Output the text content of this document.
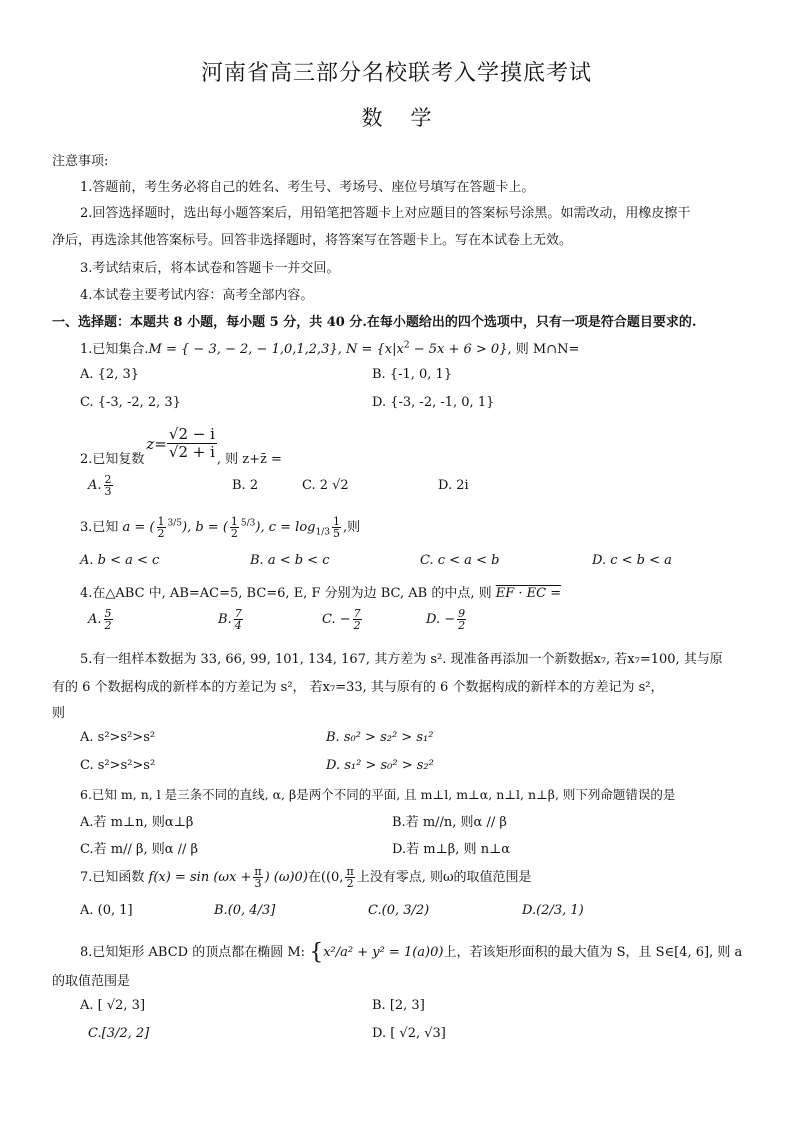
河南省高三部分名校联考入学摸底考试
数学
注意事项:
1.答题前，考生务必将自己的姓名、考生号、考场号、座位号填写在答题卡上。
2.回答选择题时，选出每小题答案后，用铅笔把答题卡上对应题目的答案标号涂黑。如需改动，用橡皮擦干
净后，再选涂其他答案标号。回答非选择题时，将答案写在答题卡上。写在本试卷上无效。
3.考试结束后，将本试卷和答题卡一并交回。
4.本试卷主要考试内容：高考全部内容。
一、选择题：本题共 8 小题，每小题 5 分，共 40 分.在每小题给出的四个选项中，只有一项是符合题目要求的.
1.已知集合.M = { − 3, − 2, − 1,0,1,2,3}, $N = \{x|x^2 - 5x + 6 > 0\}$, 则 M∩N=
A. {2, 3}	B. {-1, 0, 1}
C. {-3, -2, 2, 3}	D. {-3, -2, -1, 0, 1}
2.已知复数
$z= \frac{√2 - i}{√2 + i}$ , 则 z+z̄ =
A. $\frac{2}{3}$	B. 2	C. 2 √2	D. 2i
3.已知 a = ( $\frac{1}{2} ^{3/5}$), b = ( $\frac{1}{2} ^{5/3}$), $c = \log_{1/3} \frac{1}{5}$ ,则
A. b < a < c	B. a < b < c	C. c < a < b	D. c < b < a
4.在△ABC 中, AB=AC=5, BC=6, E, F 分别为边 BC, AB 的中点, 则 EF · EC =
A. $\frac{5}{2}$	B. $\frac{7}{4}$	C. − $\frac{7}{2}$	D. − $\frac{9}{2}$
5.有一组样本数据为 33, 66, 99, 101, 134, 167, 其方差为 s². 现准备再添加一个新数据x₇, 若x₇=100, 其与原
有的 6 个数据构成的新样本的方差记为 s²， 若x₇=33, 其与原有的 6 个数据构成的新样本的方差记为 s²，
则
A. s²>s²>s²	B. s₀² > s₂² > s₁²
C. s²>s²>s²	D. s₁² > s₀² > s₂²
6.已知 m, n, l 是三条不同的直线, α, β是两个不同的平面, 且 m⊥l, m⊥α, n⊥l, n⊥β, 则下列命题错误的是
A.若 m⊥n, 则α⊥β	B.若 m//n, 则α // β
C.若 m// β, 则α // β	D.若 m⊥β, 则 n⊥α
7.已知函数 $f(x) = \sin (\omega x + \frac{\pi}{3}$ ) (ω)0)在((0, $\frac{\pi}{2}$ 上没有零点, 则ω的取值范围是
A. (0, 1]	B.(0, 4/3]	C.(0, 3/2)	D.(2/3, 1)
8.已知矩形 ABCD 的顶点都在椭圆 M: {x²/a² + y² = 1(a)0)上，若该矩形面积的最大值为 S，且 S∈[4, 6], 则 a
的取值范围是
A. [ √2, 3]	B. [2, 3]
C.[3/2, 2]	D. [ √2, √3]
